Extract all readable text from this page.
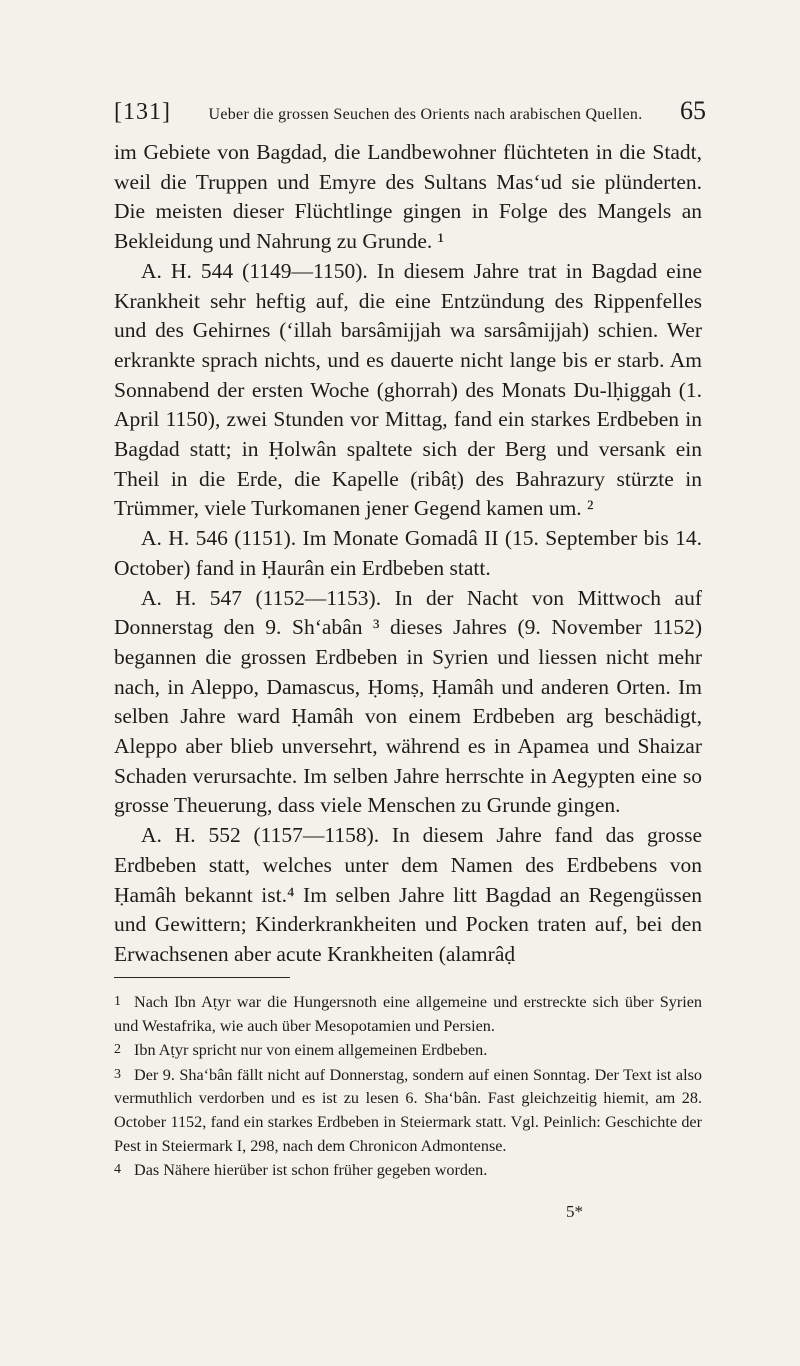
[131]	Ueber die grossen Seuchen des Orients nach arabischen Quellen.	65

im Gebiete von Bagdad, die Landbewohner flüchteten in die Stadt, weil die Truppen und Emyre des Sultans Mas‘ud sie plünderten. Die meisten dieser Flüchtlinge gingen in Folge des Mangels an Bekleidung und Nahrung zu Grunde. ¹

A. H. 544 (1149—1150). In diesem Jahre trat in Bagdad eine Krankheit sehr heftig auf, die eine Entzündung des Rippenfelles und des Gehirnes (‘illah barsâmijjah wa sarsâmijjah) schien. Wer erkrankte sprach nichts, und es dauerte nicht lange bis er starb. Am Sonnabend der ersten Woche (ghorrah) des Monats Du-lḥiggah (1. April 1150), zwei Stunden vor Mittag, fand ein starkes Erdbeben in Bagdad statt; in Ḥolwân spaltete sich der Berg und versank ein Theil in die Erde, die Kapelle (ribâṭ) des Bahrazury stürzte in Trümmer, viele Turkomanen jener Gegend kamen um. ²

A. H. 546 (1151). Im Monate Gomadâ II (15. September bis 14. October) fand in Ḥaurân ein Erdbeben statt.

A. H. 547 (1152—1153). In der Nacht von Mittwoch auf Donnerstag den 9. Sh‘abân ³ dieses Jahres (9. November 1152) begannen die grossen Erdbeben in Syrien und liessen nicht mehr nach, in Aleppo, Damascus, Ḥomṣ, Ḥamâh und anderen Orten. Im selben Jahre ward Ḥamâh von einem Erdbeben arg beschädigt, Aleppo aber blieb unversehrt, während es in Apamea und Shaizar Schaden verursachte. Im selben Jahre herrschte in Aegypten eine so grosse Theuerung, dass viele Menschen zu Grunde gingen.

A. H. 552 (1157—1158). In diesem Jahre fand das grosse Erdbeben statt, welches unter dem Namen des Erdbebens von Ḥamâh bekannt ist.⁴ Im selben Jahre litt Bagdad an Regengüssen und Gewittern; Kinderkrankheiten und Pocken traten auf, bei den Erwachsenen aber acute Krankheiten (alamrâḍ

1 Nach Ibn Aṭyr war die Hungersnoth eine allgemeine und erstreckte sich über Syrien und Westafrika, wie auch über Mesopotamien und Persien.

2 Ibn Aṭyr spricht nur von einem allgemeinen Erdbeben.

3 Der 9. Sha‘bân fällt nicht auf Donnerstag, sondern auf einen Sonntag. Der Text ist also vermuthlich verdorben und es ist zu lesen 6. Sha‘bân. Fast gleichzeitig hiemit, am 28. October 1152, fand ein starkes Erdbeben in Steiermark statt. Vgl. Peinlich: Geschichte der Pest in Steiermark I, 298, nach dem Chronicon Admontense.

4 Das Nähere hierüber ist schon früher gegeben worden.

5*
